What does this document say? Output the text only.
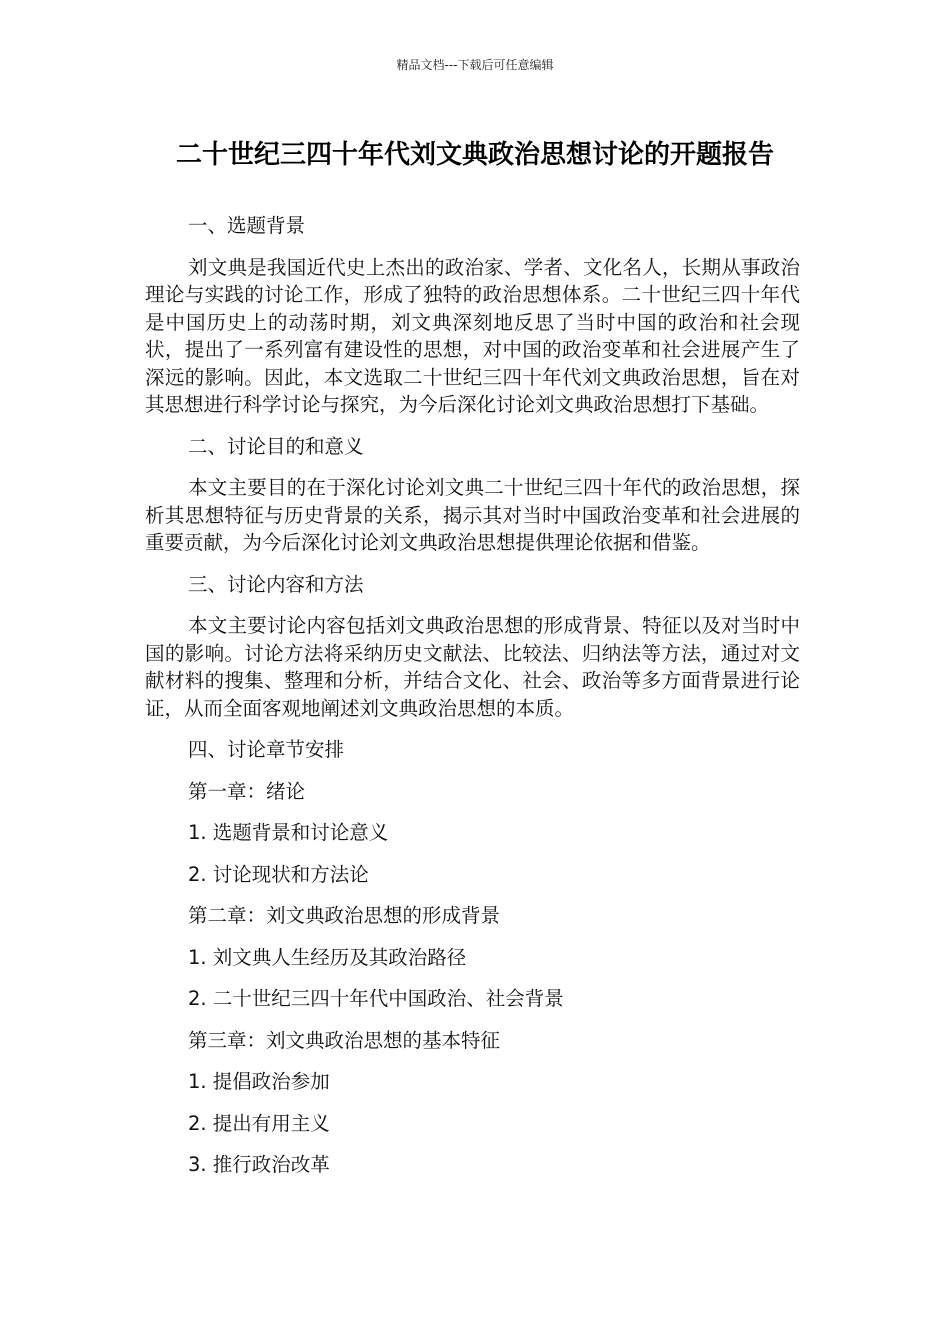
精品文档---下载后可任意编辑
二十世纪三四十年代刘文典政治思想讨论的开题报告

一、选题背景

刘文典是我国近代史上杰出的政治家、学者、文化名人，长期从事政治理论与实践的讨论工作，形成了独特的政治思想体系。二十世纪三四十年代是中国历史上的动荡时期，刘文典深刻地反思了当时中国的政治和社会现状，提出了一系列富有建设性的思想，对中国的政治变革和社会进展产生了深远的影响。因此，本文选取二十世纪三四十年代刘文典政治思想，旨在对其思想进行科学讨论与探究，为今后深化讨论刘文典政治思想打下基础。

二、讨论目的和意义

本文主要目的在于深化讨论刘文典二十世纪三四十年代的政治思想，探析其思想特征与历史背景的关系，揭示其对当时中国政治变革和社会进展的重要贡献，为今后深化讨论刘文典政治思想提供理论依据和借鉴。

三、讨论内容和方法

本文主要讨论内容包括刘文典政治思想的形成背景、特征以及对当时中国的影响。讨论方法将采纳历史文献法、比较法、归纳法等方法，通过对文献材料的搜集、整理和分析，并结合文化、社会、政治等多方面背景进行论证，从而全面客观地阐述刘文典政治思想的本质。

四、讨论章节安排

第一章：绪论

1. 选题背景和讨论意义

2. 讨论现状和方法论

第二章：刘文典政治思想的形成背景

1. 刘文典人生经历及其政治路径

2. 二十世纪三四十年代中国政治、社会背景

第三章：刘文典政治思想的基本特征

1. 提倡政治参加

2. 提出有用主义

3. 推行政治改革
